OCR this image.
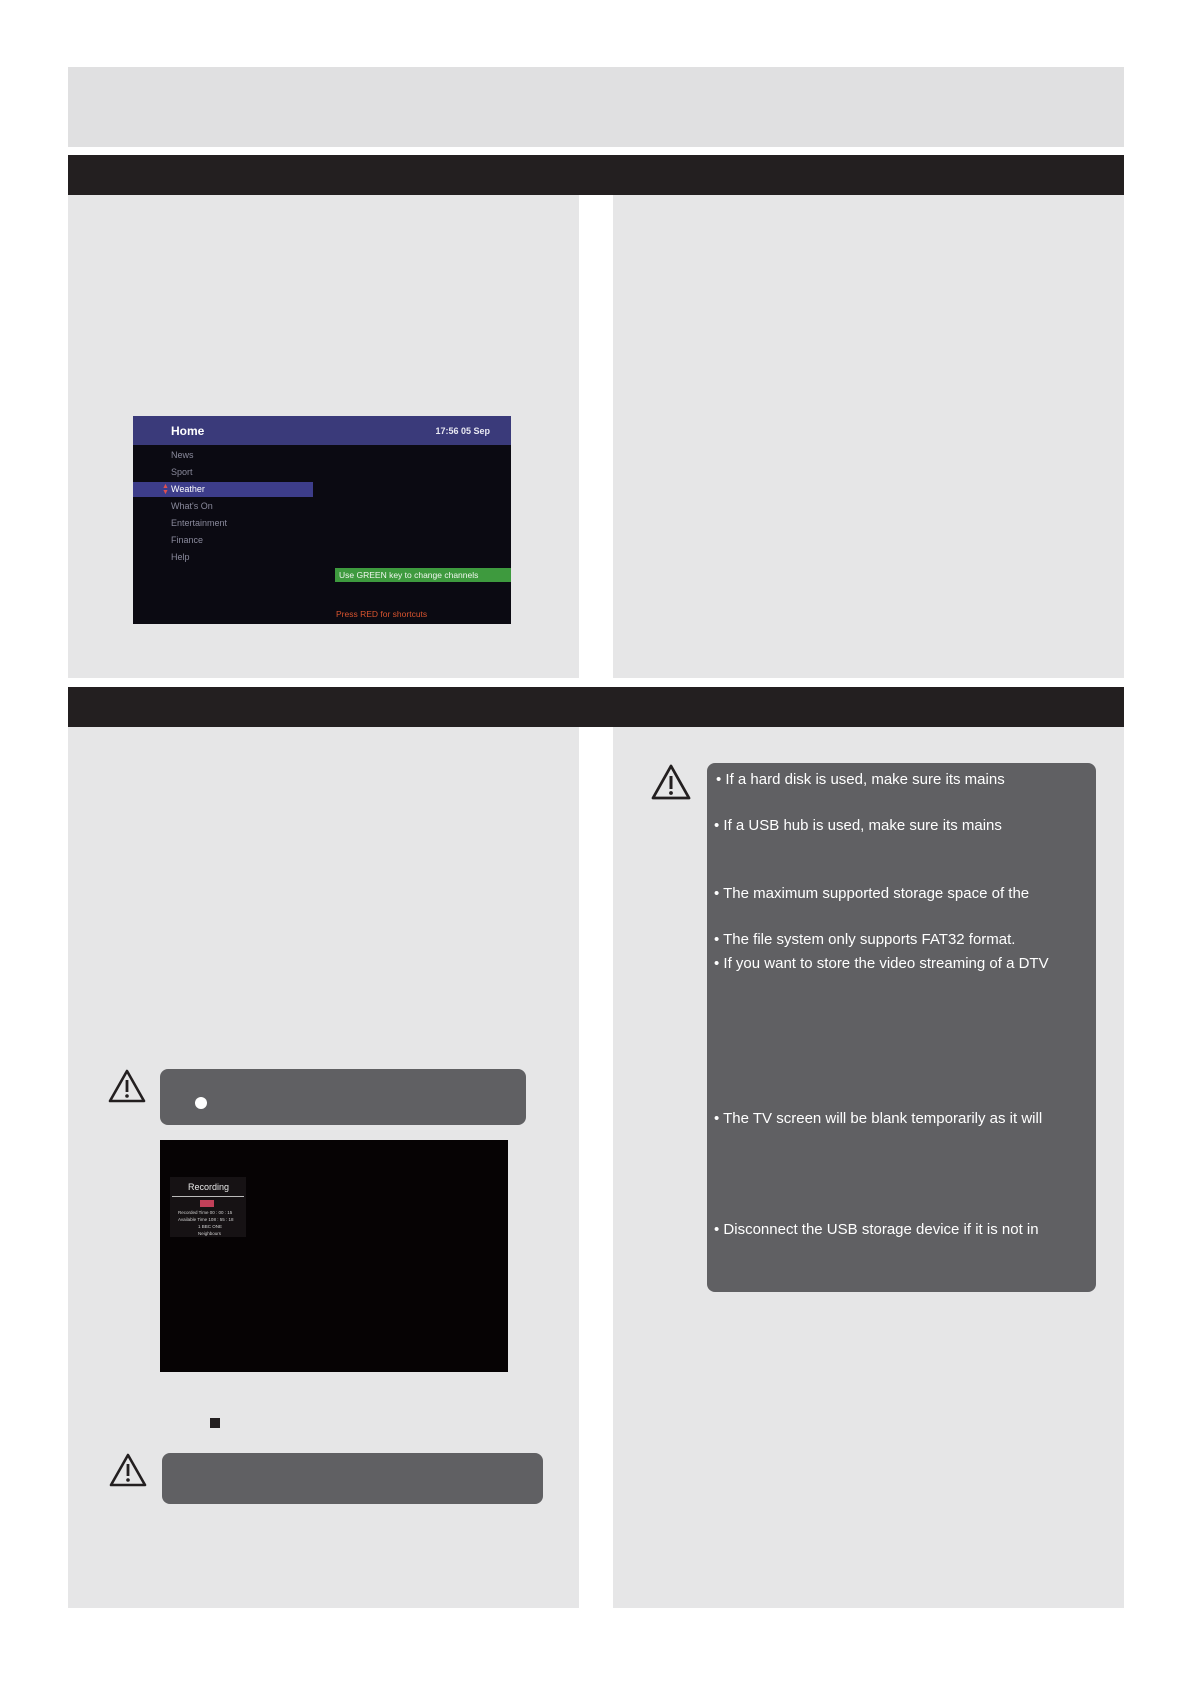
Home	17:56 05 Sep
▲
▼
News
Sport
Weather
What's On
Entertainment
Finance
Help
Use GREEN key to change channels
Press RED for shortcuts
Recording
Recorded Time 00 : 00 : 15
Available Time 108 : 55 : 18
1 BBC ONE
Neighbours
• If a hard disk is used, make sure its mains
• If a USB hub is used, make sure its mains
• The maximum supported storage space of the
• The file system only supports FAT32 format.
• If you want to store the video streaming of a DTV
• The TV screen will be blank temporarily as it will
• Disconnect the USB storage device if it is not in
